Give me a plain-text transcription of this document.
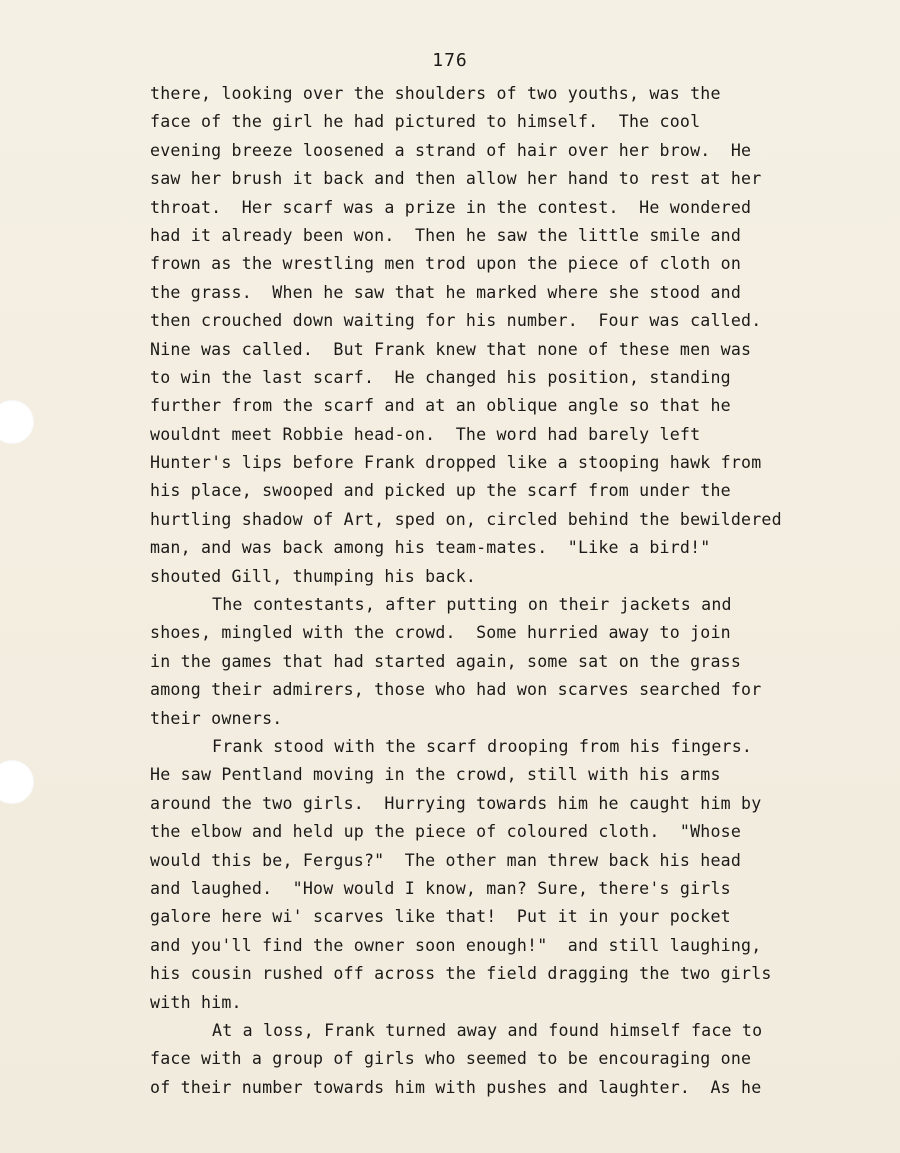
176
there, looking over the shoulders of two youths, was the
face of the girl he had pictured to himself.  The cool
evening breeze loosened a strand of hair over her brow.  He
saw her brush it back and then allow her hand to rest at her
throat.  Her scarf was a prize in the contest.  He wondered
had it already been won.  Then he saw the little smile and
frown as the wrestling men trod upon the piece of cloth on
the grass.  When he saw that he marked where she stood and
then crouched down waiting for his number.  Four was called.
Nine was called.  But Frank knew that none of these men was
to win the last scarf.  He changed his position, standing
further from the scarf and at an oblique angle so that he
wouldnt meet Robbie head-on.  The word had barely left
Hunter's lips before Frank dropped like a stooping hawk from
his place, swooped and picked up the scarf from under the
hurtling shadow of Art, sped on, circled behind the bewildered
man, and was back among his team-mates.  "Like a bird!"
shouted Gill, thumping his back.
The contestants, after putting on their jackets and
shoes, mingled with the crowd.  Some hurried away to join
in the games that had started again, some sat on the grass
among their admirers, those who had won scarves searched for
their owners.
Frank stood with the scarf drooping from his fingers.
He saw Pentland moving in the crowd, still with his arms
around the two girls.  Hurrying towards him he caught him by
the elbow and held up the piece of coloured cloth.  "Whose
would this be, Fergus?"  The other man threw back his head
and laughed.  "How would I know, man? Sure, there's girls
galore here wi' scarves like that!  Put it in your pocket
and you'll find the owner soon enough!"  and still laughing,
his cousin rushed off across the field dragging the two girls
with him.
At a loss, Frank turned away and found himself face to
face with a group of girls who seemed to be encouraging one
of their number towards him with pushes and laughter.  As he
